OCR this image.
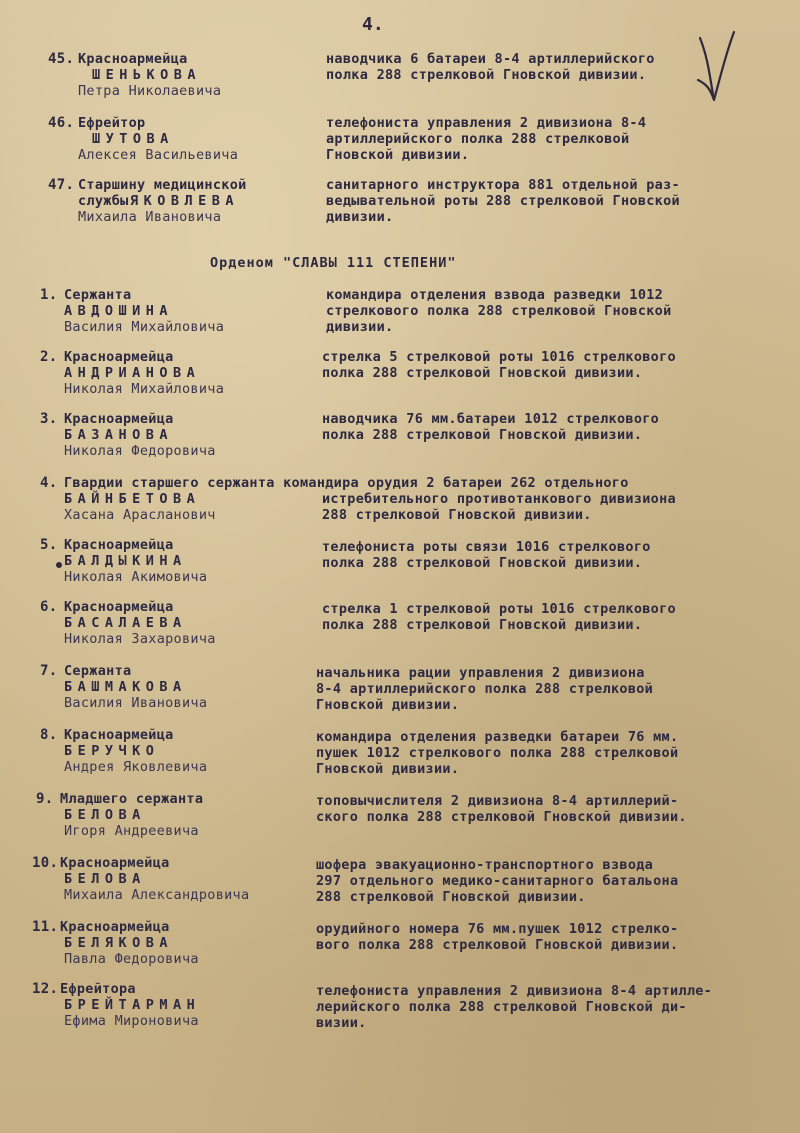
4.
45. Красноармейца
ШЕНЬКОВА
Петра Николаевича
наводчика 6 батареи 8-4 артиллерийского
полка 288 стрелковой Гновской дивизии.
46. Ефрейтор
ШУТОВА
Алексея Васильевича
телефониста управления 2 дивизиона 8-4
артиллерийского полка 288 стрелковой
Гновской дивизии.
47. Старшину медицинской
службы ЯКОВЛЕВА
Михаила Ивановича
санитарного инструктора 881 отдельной раз-
ведывательной роты 288 стрелковой Гновской
дивизии.
Орденом "СЛАВЫ 111 СТЕПЕНИ"
1. Сержанта
АВДОШИНА
Василия Михайловича
командира отделения взвода разведки 1012
стрелкового полка 288 стрелковой Гновской
дивизии.
2. Красноармейца
АНДРИАНОВА
Николая Михайловича
стрелка 5 стрелковой роты 1016 стрелкового
полка 288 стрелковой Гновской дивизии.
3. Красноармейца
БАЗАНОВА
Николая Федоровича
наводчика 76 мм.батареи 1012 стрелкового
полка 288 стрелковой Гновской дивизии.
4. Гвардии старшего сержанта командира орудия 2 батареи 262 отдельного
БАЙНБЕТОВА
Хасана Арасланович
истребительного противотанкового дивизиона
288 стрелковой Гновской дивизии.
5. Красноармейца
БАЛДЫКИНА
Николая Акимовича
телефониста роты связи 1016 стрелкового
полка 288 стрелковой Гновской дивизии.
6. Красноармейца
БАСАЛАЕВА
Николая Захаровича
стрелка 1 стрелковой роты 1016 стрелкового
полка 288 стрелковой Гновской дивизии.
7. Сержанта
БАШМАКОВА
Василия Ивановича
начальника рации управления 2 дивизиона
8-4 артиллерийского полка 288 стрелковой
Гновской дивизии.
8. Красноармейца
БЕРУЧКО
Андрея Яковлевича
командира отделения разведки батареи 76 мм.
пушек 1012 стрелкового полка 288 стрелковой
Гновской дивизии.
9. Младшего сержанта
БЕЛОВА
Игоря Андреевича
топовычислителя 2 дивизиона 8-4 артиллерий-
ского полка 288 стрелковой Гновской дивизии.
10. Красноармейца
БЕЛОВА
Михаила Александровича
шофера эвакуационно-транспортного взвода
297 отдельного медико-санитарного батальона
288 стрелковой Гновской дивизии.
11. Красноармейца
БЕЛЯКОВА
Павла Федоровича
орудийного номера 76 мм.пушек 1012 стрелко-
вого полка 288 стрелковой Гновской дивизии.
12. Ефрейтора
БРЕЙТАРМАН
Ефима Мироновича
телефониста управления 2 дивизиона 8-4 артилле-
лерийского полка 288 стрелковой Гновской ди-
визии.
